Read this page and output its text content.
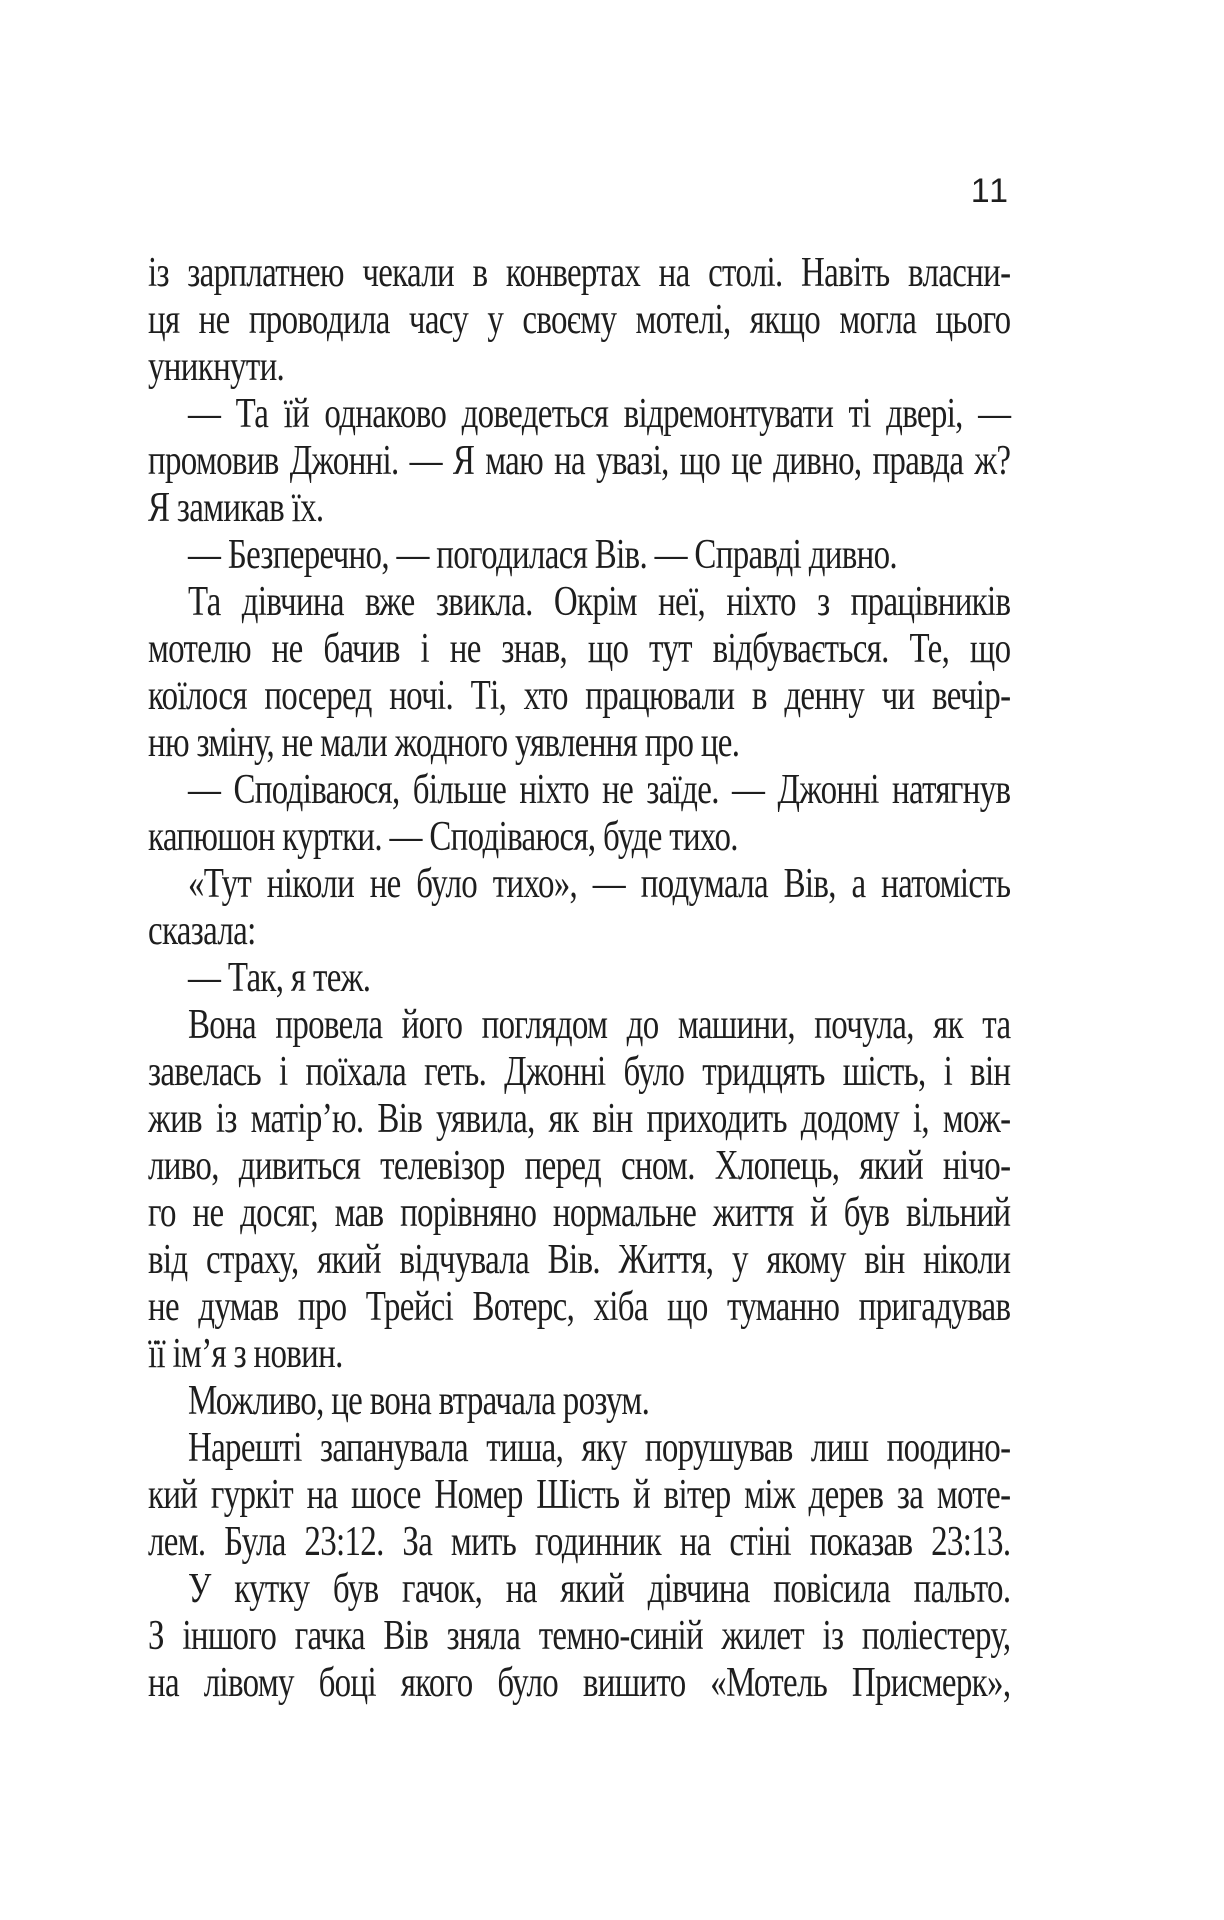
11
із зарплатнею чекали в конвертах на столі. Навіть власни-
ця не проводила часу у своєму мотелі, якщо могла цього
уникнути.
— Та їй однаково доведеться відремонтувати ті двері, —
промовив Джонні. — Я маю на увазі, що це дивно, правда ж?
Я замикав їх.
— Безперечно, — погодилася Вів. — Справді дивно.
Та дівчина вже звикла. Окрім неї, ніхто з працівників
мотелю не бачив і не знав, що тут відбувається. Те, що
коїлося посеред ночі. Ті, хто працювали в денну чи вечір-
ню зміну, не мали жодного уявлення про це.
— Сподіваюся, більше ніхто не заїде. — Джонні натягнув
капюшон куртки. — Сподіваюся, буде тихо.
«Тут ніколи не було тихо», — подумала Вів, а натомість
сказала:
— Так, я теж.
Вона провела його поглядом до машини, почула, як та
завелась і поїхала геть. Джонні було тридцять шість, і він
жив із матір’ю. Вів уявила, як він приходить додому і, мож-
ливо, дивиться телевізор перед сном. Хлопець, який нічо-
го не досяг, мав порівняно нормальне життя й був вільний
від страху, який відчувала Вів. Життя, у якому він ніколи
не думав про Трейсі Вотерс, хіба що туманно пригадував
її ім’я з новин.
Можливо, це вона втрачала розум.
Нарешті запанувала тиша, яку порушував лиш поодино-
кий гуркіт на шосе Номер Шість й вітер між дерев за моте-
лем. Була 23:12. За мить годинник на стіні показав 23:13.
У кутку був гачок, на який дівчина повісила пальто.
З іншого гачка Вів зняла темно-синій жилет із поліестеру,
на лівому боці якого було вишито «Мотель Присмерк»,
